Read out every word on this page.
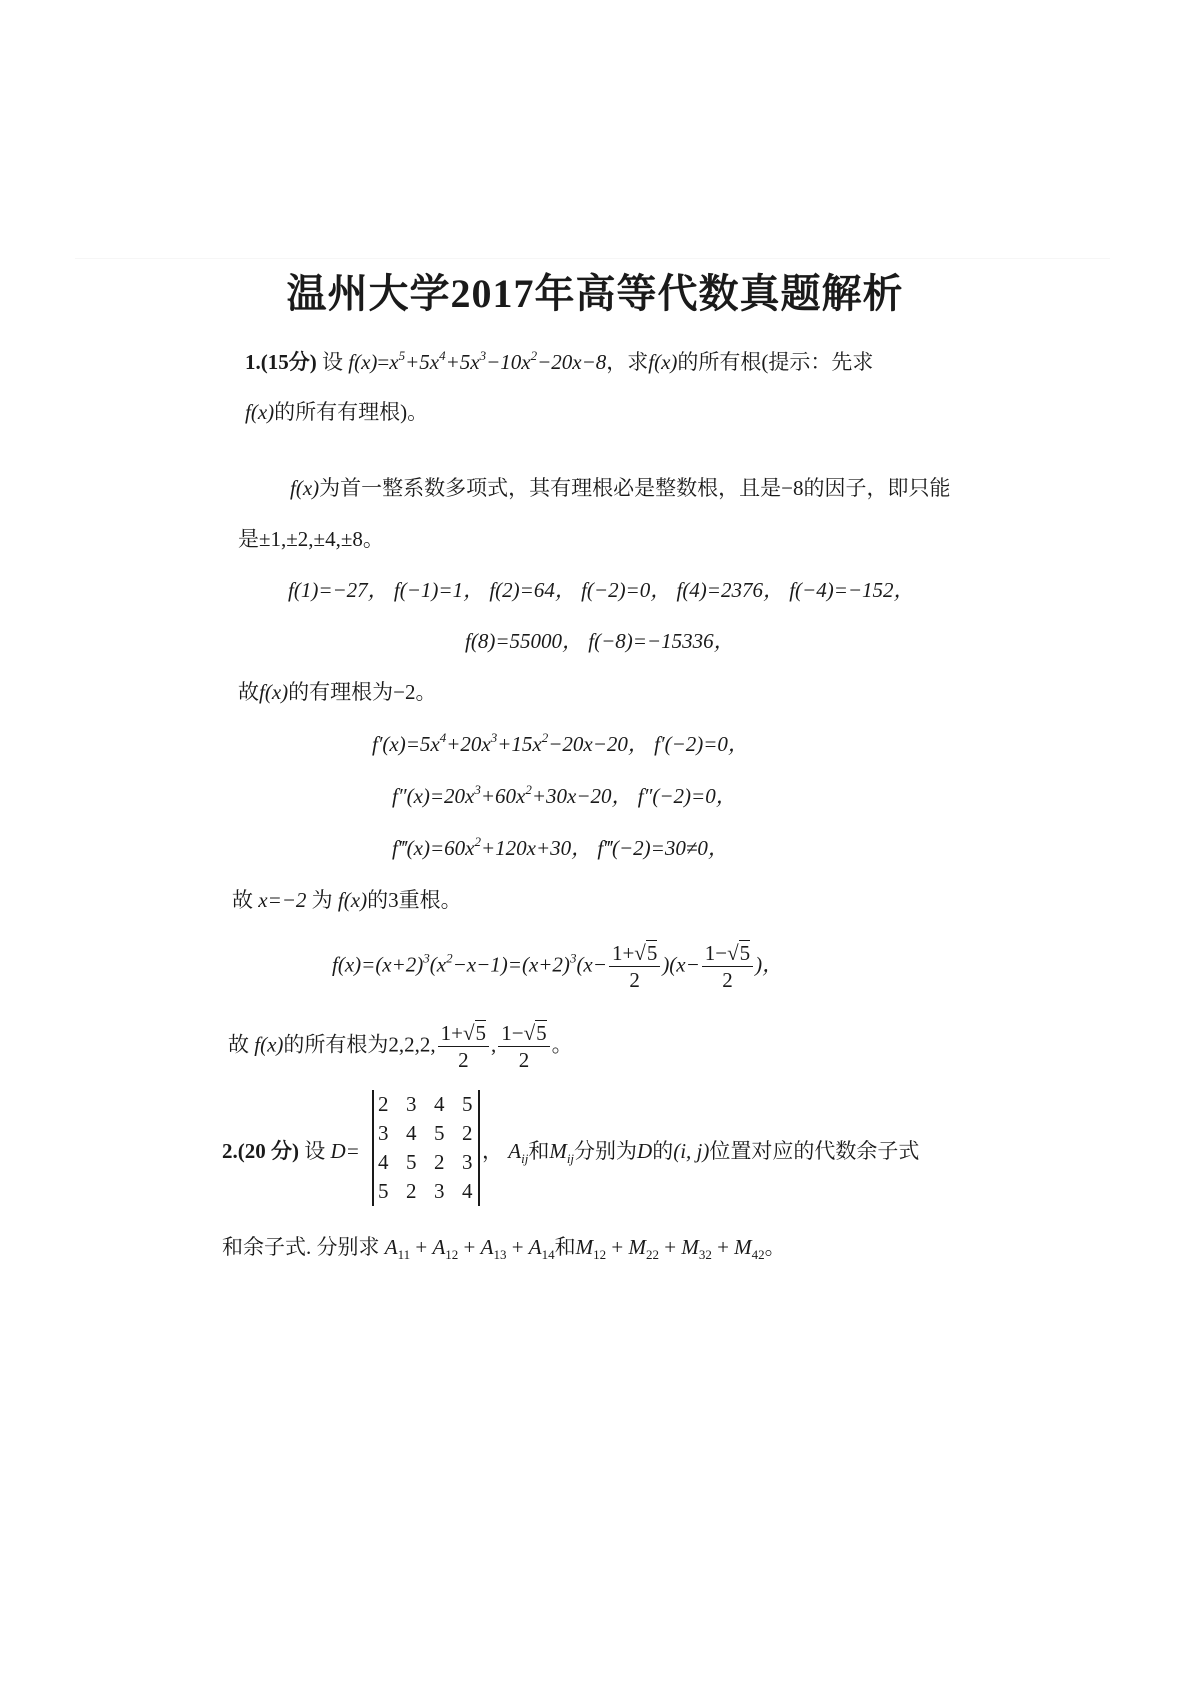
温州大学2017年高等代数真题解析
1.(15分) 设 $f(x)=x^5+5x^4+5x^3-10x^2-20x-8$，求f(x)的所有根(提示：先求
f(x)的所有有理根)。
f(x)为首一整系数多项式，其有理根必是整数根，且是−8的因子，即只能
是±1,±2,±4,±8。
f(1)=−27， f(−1)=1， f(2)=64， f(−2)=0， f(4)=2376， f(−4)=−152，
f(8)=55000， f(−8)=−15336，
故f(x)的有理根为−2。
$f'(x)=5x^4+20x^3+15x^2-20x-20$， f′(−2)=0，
$f''(x)=20x^3+60x^2+30x-20$， f″(−2)=0，
$f‴(x)=60x^2+120x+30$， f‴(−2)=30≠0，
故 x=−2 为 f(x)的3重根。
$f(x)=(x+2)^3(x^2-x-1)=(x+2)^3(x- \frac{1+√5}{2} )(x- \frac{1-√5}{2}$ )，
故 f(x)的所有根为2,2,2, $\frac{1+√5}{2}$ , $\frac{1-√5}{2}$ 。
2.(20 分) 设 D=
2	3	4	5
3	4	5	2
4	5	2	3
5	2	3	4
， $A_{ij}$和$M_{ij}$分别为D的(i, j)位置对应的代数余子式
和余子式. 分别求 $A_{11} + A_{12} + A_{13} + A_{14}$和$M_{12} + M_{22} + M_{32} + M_{42}$。
